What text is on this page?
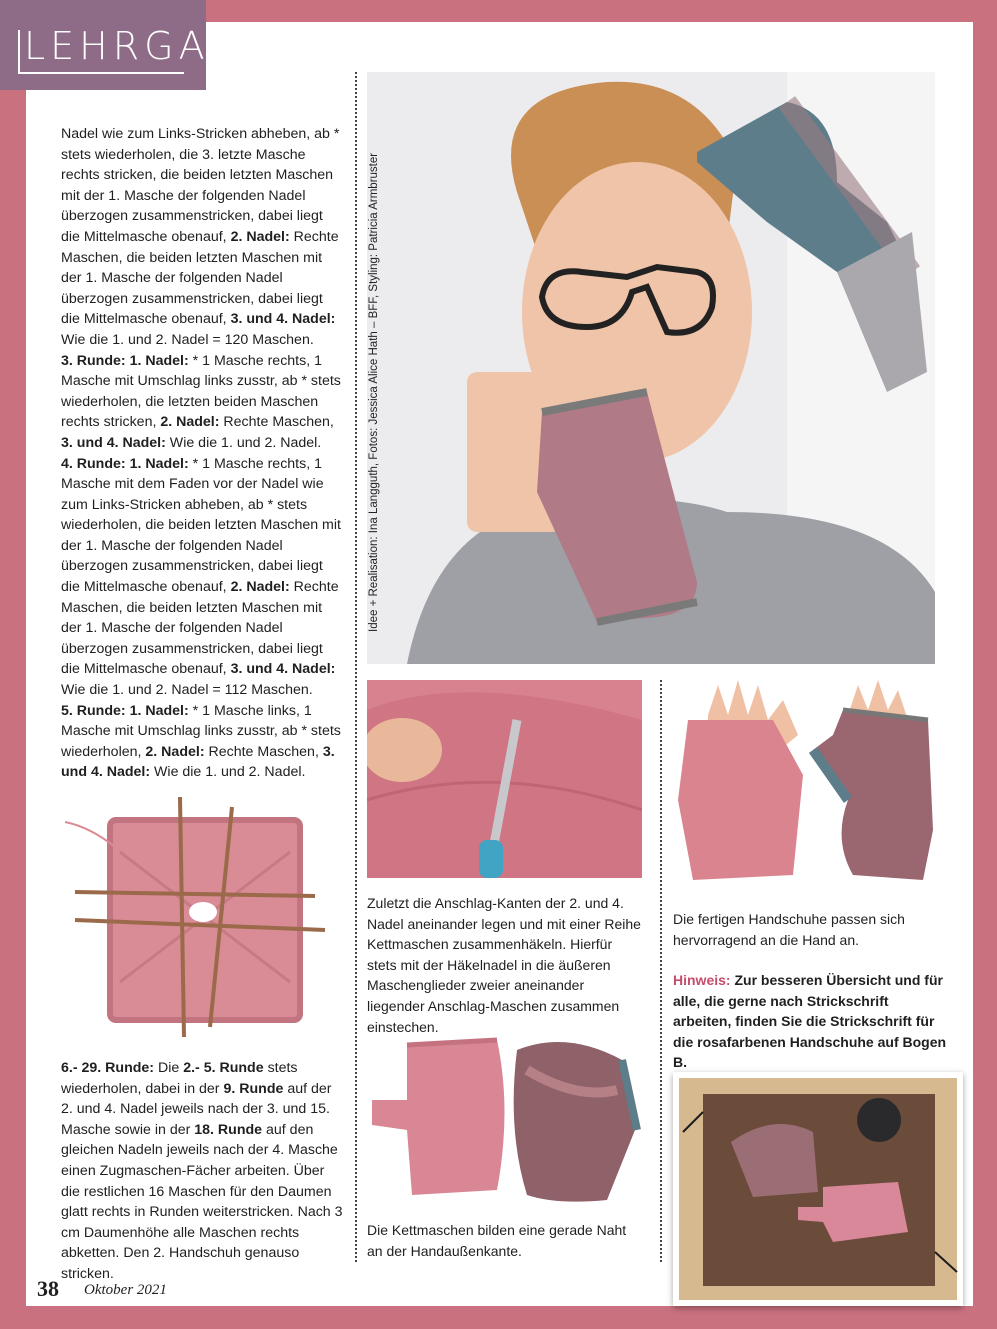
LEHRGANG

Nadel wie zum Links-Stricken abheben, ab * stets wiederholen, die 3. letzte Masche rechts stricken, die beiden letzten Maschen mit der 1. Masche der folgenden Nadel überzogen zusammenstricken, dabei liegt die Mittelmasche obenauf, 2. Nadel: Rechte Maschen, die beiden letzten Maschen mit der 1. Masche der folgenden Nadel überzogen zusammenstricken, dabei liegt die Mittelmasche obenauf, 3. und 4. Nadel: Wie die 1. und 2. Nadel = 120 Maschen.

3. Runde: 1. Nadel: * 1 Masche rechts, 1 Masche mit Umschlag links zusstr, ab * stets wiederholen, die letzten beiden Maschen rechts stricken, 2. Nadel: Rechte Maschen, 3. und 4. Nadel: Wie die 1. und 2. Nadel.

4. Runde: 1. Nadel: * 1 Masche rechts, 1 Masche mit dem Faden vor der Nadel wie zum Links-Stricken abheben, ab * stets wiederholen, die beiden letzten Maschen mit der 1. Masche der folgenden Nadel überzogen zusammenstricken, dabei liegt die Mittelmasche obenauf, 2. Nadel: Rechte Maschen, die beiden letzten Maschen mit der 1. Masche der folgenden Nadel überzogen zusammenstricken, dabei liegt die Mittelmasche obenauf, 3. und 4. Nadel: Wie die 1. und 2. Nadel = 112 Maschen.

5. Runde: 1. Nadel: * 1 Masche links, 1 Masche mit Umschlag links zusstr, ab * stets wiederholen, 2. Nadel: Rechte Maschen, 3. und 4. Nadel: Wie die 1. und 2. Nadel.

6.- 29. Runde: Die 2.- 5. Runde stets wiederholen, dabei in der 9. Runde auf der 2. und 4. Nadel jeweils nach der 3. und 15. Masche sowie in der 18. Runde auf den gleichen Nadeln jeweils nach der 4. Masche einen Zugmaschen-Fächer arbeiten. Über die restlichen 16 Maschen für den Daumen glatt rechts in Runden weiterstricken. Nach 3 cm Daumenhöhe alle Maschen rechts abketten. Den 2. Handschuh genauso stricken.

Idee + Realisation: Ina Langguth, Fotos: Jessica Alice Hath – BFF, Styling: Patricia Armbruster
Zuletzt die Anschlag-Kanten der 2. und 4. Nadel aneinander legen und mit einer Reihe Kettmaschen zusammenhäkeln. Hierfür stets mit der Häkelnadel in die äußeren Maschenglieder zweier aneinander liegender Anschlag-Maschen zusammen einstechen.
Die Kettmaschen bilden eine gerade Naht an der Handaußenkante.
Die fertigen Handschuhe passen sich hervorragend an die Hand an.
Hinweis: Zur besseren Übersicht und für alle, die gerne nach Strickschrift arbeiten, finden Sie die Strickschrift für die rosafarbenen Handschuhe auf Bogen B.
38 Oktober 2021
